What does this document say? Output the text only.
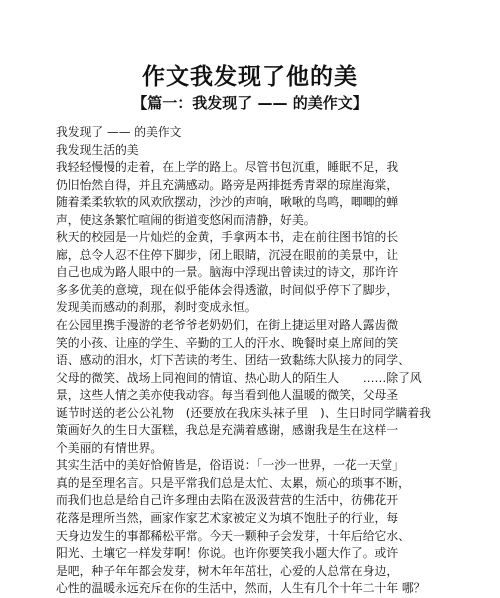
作文我发现了他的美
【篇一：我发现了 —— 的美作文】
我发现了 —— 的美作文
我发现生活的美
我轻轻慢慢的走着，在上学的路上。尽管书包沉重，睡眠不足，我
仍旧怡然自得，并且充满感动。路旁是两排挺秀青翠的琼崖海棠，
随着柔柔软软的风欢欣摆动，沙沙的声响，啾啾的鸟鸣，唧唧的蝉
声，使这条繁忙喧闹的街道变悠闲而清静，好美。
秋天的校园是一片灿烂的金黄，手拿两本书，走在前往图书馆的长
廊，总令人忍不住停下脚步，闭上眼睛，沉浸在眼前的美景中，让
自己也成为路人眼中的一景。脑海中浮现出曾读过的诗文，那许许
多多优美的意境，现在似乎能体会得透澈，时间似乎停下了脚步，
发现美而感动的刹那，刹时变成永恒。
在公园里携手漫游的老爷爷老奶奶们，在街上捷运里对路人露齿微
笑的小孩、让座的学生、辛勤的工人的汗水、晚餐时桌上席间的笑
语、感动的泪水，灯下苦读的考生、团结一致黏练大队接力的同学、
父母的微笑、战场上同袍间的情谊、热心助人的陌生人　　……除了风
景，这些人情之美亦使我动容。每当看到他人温暖的微笑，父母圣
诞节时送的老公公礼物　(还要放在我床头袜子里　)、生日时同学瞒着我
策画好久的生日大蛋糕，我总是充满着感谢，感谢我是生在这样一
个美丽的有情世界。
其实生活中的美好恰俯皆是，俗语说：「一沙一世界，一花一天堂」
真的是至理名言。只是平常我们总是太忙、太累，烦心的琐事不断，
而我们也总是给自己许多理由去陷在汲汲营营的生活中，彷佛花开
花落是理所当然，画家作家艺术家被定义为填不饱肚子的行业，每
天身边发生的事都稀松平常。今天一颗种子会发芽，十年后给它水、
阳光、土壤它一样发芽啊！你说。也许你要笑我小题大作了。或许
是吧，种子年年都会发芽，树木年年茁壮，心爱的人总常在身边，
心性的温暖永远充斥在你的生活中，然而，人生有几个十年二十年 哪？
